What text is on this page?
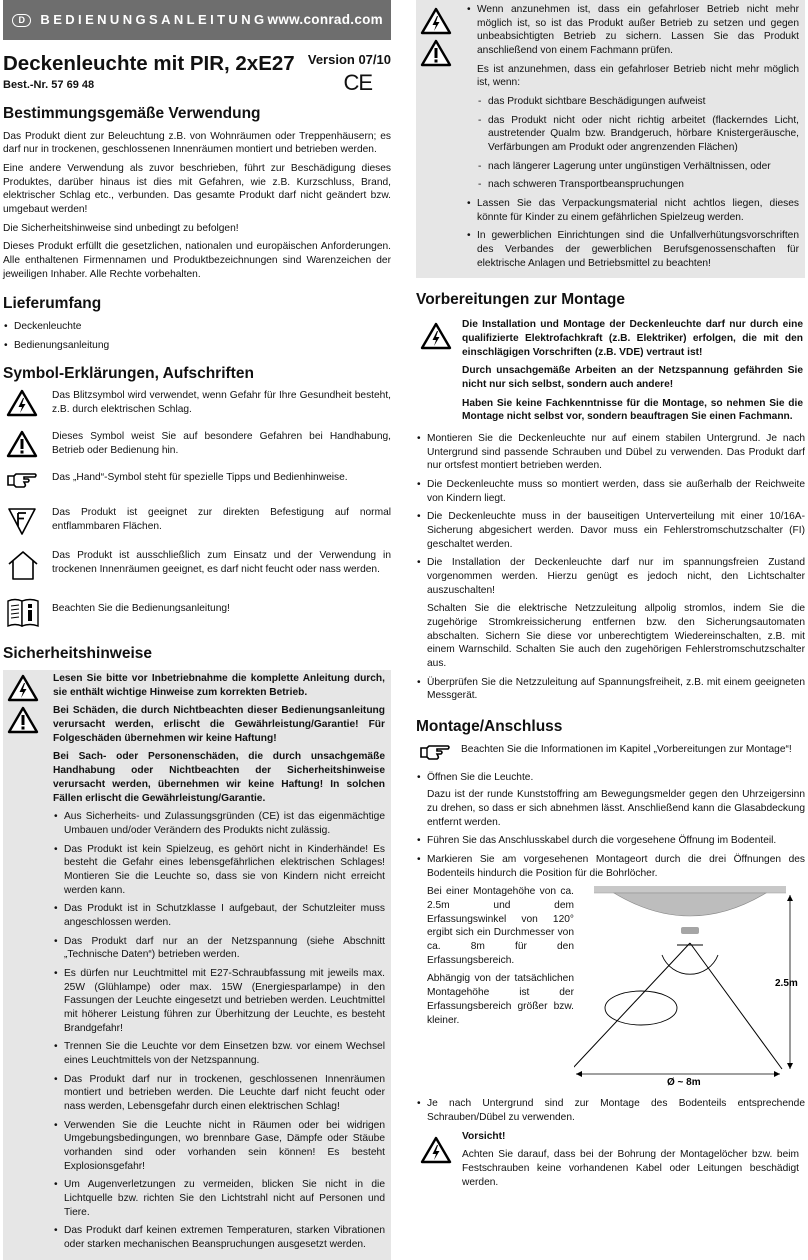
D	BEDIENUNGSANLEITUNG www.conrad.com
Deckenleuchte mit PIR, 2xE27
Best.-Nr. 57 69 48
Version 07/10
CE
Bestimmungsgemäße Verwendung

Das Produkt dient zur Beleuchtung z.B. von Wohnräumen oder Treppenhäusern; es darf nur in trockenen, geschlossenen Innenräumen montiert und betrieben werden.

Eine andere Verwendung als zuvor beschrieben, führt zur Beschädigung dieses Produktes, darüber hinaus ist dies mit Gefahren, wie z.B. Kurzschluss, Brand, elektrischer Schlag etc., verbunden. Das gesamte Produkt darf nicht geändert bzw. umgebaut werden!

Die Sicherheitshinweise sind unbedingt zu befolgen!

Dieses Produkt erfüllt die gesetzlichen, nationalen und europäischen Anforderungen. Alle enthaltenen Firmennamen und Produktbezeichnungen sind Warenzeichen der jeweiligen Inhaber. Alle Rechte vorbehalten.

Lieferumfang
• Deckenleuchte
• Bedienungsanleitung
Symbol-Erklärungen, Aufschriften
Das Blitzsymbol wird verwendet, wenn Gefahr für Ihre Gesundheit besteht, z.B. durch elektrischen Schlag.
Dieses Symbol weist Sie auf besondere Gefahren bei Handhabung, Betrieb oder Bedienung hin.
Das „Hand“-Symbol steht für spezielle Tipps und Bedienhinweise.
Das Produkt ist geeignet zur direkten Befestigung auf normal entflammbaren Flächen.
Das Produkt ist ausschließlich zum Einsatz und der Verwendung in trockenen Innenräumen geeignet, es darf nicht feucht oder nass werden.
Beachten Sie die Bedienungsanleitung!
Sicherheitshinweise

Lesen Sie bitte vor Inbetriebnahme die komplette Anleitung durch, sie enthält wichtige Hinweise zum korrekten Betrieb.

Bei Schäden, die durch Nichtbeachten dieser Bedienungsanleitung verursacht werden, erlischt die Gewährleistung/Garantie! Für Folgeschäden übernehmen wir keine Haftung!

Bei Sach- oder Personenschäden, die durch unsachgemäße Handhabung oder Nichtbeachten der Sicherheitshinweise verursacht werden, übernehmen wir keine Haftung! In solchen Fällen erlischt die Gewährleistung/Garantie.

• Aus Sicherheits- und Zulassungsgründen (CE) ist das eigenmächtige Umbauen und/oder Verändern des Produkts nicht zulässig.
• Das Produkt ist kein Spielzeug, es gehört nicht in Kinderhände! Es besteht die Gefahr eines lebensgefährlichen elektrischen Schlages! Montieren Sie die Leuchte so, dass sie von Kindern nicht erreicht werden kann.
• Das Produkt ist in Schutzklasse I aufgebaut, der Schutzleiter muss angeschlossen werden.
• Das Produkt darf nur an der Netzspannung (siehe Abschnitt „Technische Daten“) betrieben werden.
• Es dürfen nur Leuchtmittel mit E27-Schraubfassung mit jeweils max. 25W (Glühlampe) oder max. 15W (Energiesparlampe) in den Fassungen der Leuchte eingesetzt und betrieben werden. Leuchtmittel mit höherer Leistung führen zur Überhitzung der Leuchte, es besteht Brandgefahr!
• Trennen Sie die Leuchte vor dem Einsetzen bzw. vor einem Wechsel eines Leuchtmittels von der Netzspannung.
• Das Produkt darf nur in trockenen, geschlossenen Innenräumen montiert und betrieben werden. Die Leuchte darf nicht feucht oder nass werden, Lebensgefahr durch einen elektrischen Schlag!
• Verwenden Sie die Leuchte nicht in Räumen oder bei widrigen Umgebungsbedingungen, wo brennbare Gase, Dämpfe oder Stäube vorhanden sind oder vorhanden sein können! Es besteht Explosionsgefahr!
• Um Augenverletzungen zu vermeiden, blicken Sie nicht in die Lichtquelle bzw. richten Sie den Lichtstrahl nicht auf Personen und Tiere.
• Das Produkt darf keinen extremen Temperaturen, starken Vibrationen oder starken mechanischen Beanspruchungen ausgesetzt werden.
• Wenn anzunehmen ist, dass ein gefahrloser Betrieb nicht mehr möglich ist, so ist das Produkt außer Betrieb zu setzen und gegen unbeabsichtigten Betrieb zu sichern. Lassen Sie das Produkt anschließend von einem Fachmann prüfen.

Es ist anzunehmen, dass ein gefahrloser Betrieb nicht mehr möglich ist, wenn:

- das Produkt sichtbare Beschädigungen aufweist
- das Produkt nicht oder nicht richtig arbeitet (flackerndes Licht, austretender Qualm bzw. Brandgeruch, hörbare Knistergeräusche, Verfärbungen am Produkt oder angrenzenden Flächen)
- nach längerer Lagerung unter ungünstigen Verhältnissen, oder
- nach schweren Transportbeanspruchungen
• Lassen Sie das Verpackungsmaterial nicht achtlos liegen, dieses könnte für Kinder zu einem gefährlichen Spielzeug werden.
• In gewerblichen Einrichtungen sind die Unfallverhütungsvorschriften des Verbandes der gewerblichen Berufsgenossenschaften für elektrische Anlagen und Betriebsmittel zu beachten!
Vorbereitungen zur Montage

Die Installation und Montage der Deckenleuchte darf nur durch eine qualifizierte Elektrofachkraft (z.B. Elektriker) erfolgen, die mit den einschlägigen Vorschriften (z.B. VDE) vertraut ist!

Durch unsachgemäße Arbeiten an der Netzspannung gefährden Sie nicht nur sich selbst, sondern auch andere!

Haben Sie keine Fachkenntnisse für die Montage, so nehmen Sie die Montage nicht selbst vor, sondern beauftragen Sie einen Fachmann.

• Montieren Sie die Deckenleuchte nur auf einem stabilen Untergrund. Je nach Untergrund sind passende Schrauben und Dübel zu verwenden. Das Produkt darf nur ortsfest montiert betrieben werden.
• Die Deckenleuchte muss so montiert werden, dass sie außerhalb der Reichweite von Kindern liegt.
• Die Deckenleuchte muss in der bauseitigen Unterverteilung mit einer 10/16A-Sicherung abgesichert werden. Davor muss ein Fehlerstromschutzschalter (FI) geschaltet werden.
• Die Installation der Deckenleuchte darf nur im spannungsfreien Zustand vorgenommen werden. Hierzu genügt es jedoch nicht, den Lichtschalter auszuschalten!

Schalten Sie die elektrische Netzzuleitung allpolig stromlos, indem Sie die zugehörige Stromkreissicherung entfernen bzw. den Sicherungsautomaten abschalten. Sichern Sie diese vor unberechtigtem Wiedereinschalten, z.B. mit einem Warnschild. Schalten Sie auch den zugehörigen Fehlerstromschutzschalter aus.

• Überprüfen Sie die Netzzuleitung auf Spannungsfreiheit, z.B. mit einem geeigneten Messgerät.
Montage/Anschluss
Beachten Sie die Informationen im Kapitel „Vorbereitungen zur Montage“!
• Öffnen Sie die Leuchte.

Dazu ist der runde Kunststoffring am Bewegungsmelder gegen den Uhrzeigersinn zu drehen, so dass er sich abnehmen lässt. Anschließend kann die Glasabdeckung entfernt werden.

• Führen Sie das Anschlusskabel durch die vorgesehene Öffnung im Bodenteil.
• Markieren Sie am vorgesehenen Montageort durch die drei Öffnungen des Bodenteils hindurch die Position für die Bohrlöcher.

Bei einer Montagehöhe von ca. 2.5m und dem Erfassungswinkel von 120° ergibt sich ein Durchmesser von ca. 8m für den Erfassungsbereich.

Abhängig von der tatsächlichen Montagehöhe ist der Erfassungsbereich größer bzw. kleiner.

2.5m
Ø ~ 8m
• Je nach Untergrund sind zur Montage des Bodenteils entsprechende Schrauben/Dübel zu verwenden.

Vorsicht!

Achten Sie darauf, dass bei der Bohrung der Montagelöcher bzw. beim Festschrauben keine vorhandenen Kabel oder Leitungen beschädigt werden.
